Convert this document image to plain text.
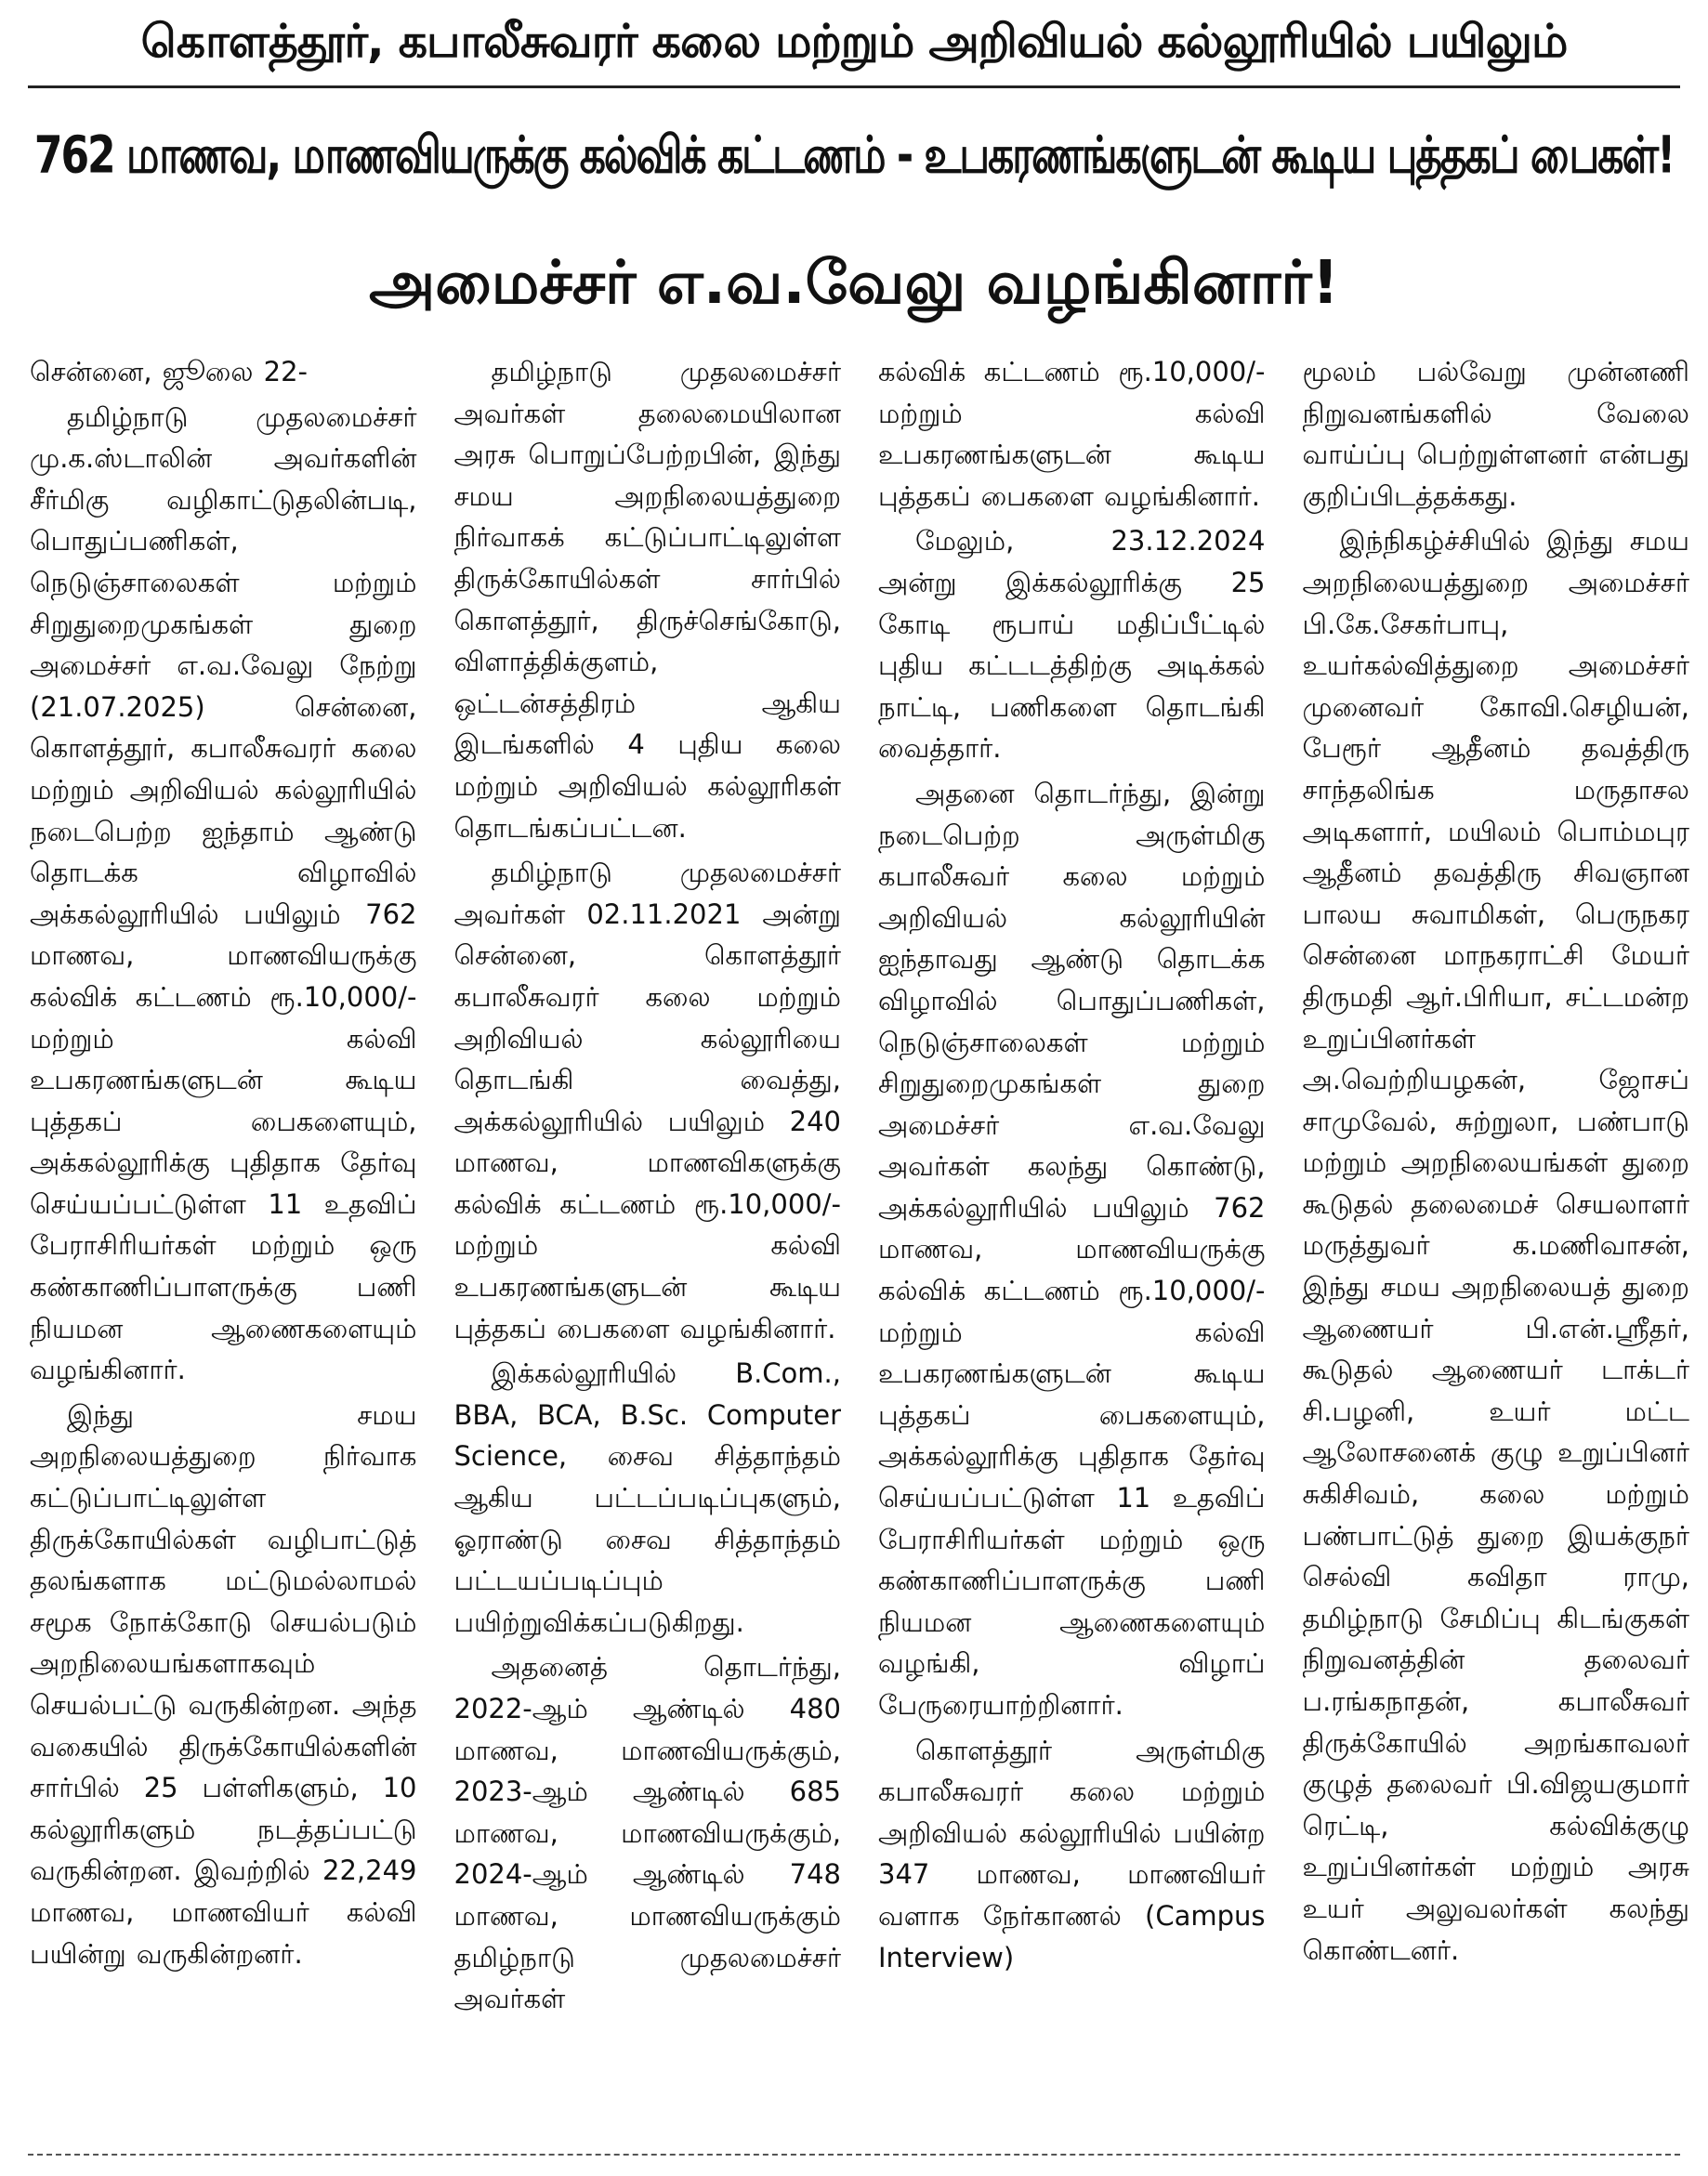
கொளத்தூர், கபாலீசுவரர் கலை மற்றும் அறிவியல் கல்லூரியில் பயிலும்
762 மாணவ, மாணவியருக்கு கல்விக் கட்டணம் - உபகரணங்களுடன் கூடிய புத்தகப் பைகள்!
அமைச்சர் எ.வ.வேலு வழங்கினார்!

சென்னை, ஜூலை 22-

தமிழ்நாடு முதலமைச்சர் மு.க.ஸ்டாலின் அவர்களின் சீர்மிகு வழிகாட்டுதலின்படி, பொதுப்பணிகள், நெடுஞ்சாலைகள் மற்றும் சிறுதுறைமுகங்கள் துறை அமைச்சர் எ.வ.வேலு நேற்று (21.07.2025) சென்னை, கொளத்தூர், கபாலீசுவரர் கலை மற்றும் அறிவியல் கல்லூரியில் நடைபெற்ற ஐந்தாம் ஆண்டு தொடக்க விழாவில் அக்கல்லூரியில் பயிலும் 762 மாணவ, மாணவியருக்கு கல்விக் கட்டணம் ரூ.10,000/- மற்றும் கல்வி உபகரணங்களுடன் கூடிய புத்தகப் பைகளையும், அக்கல்லூரிக்கு புதிதாக தேர்வு செய்யப்பட்டுள்ள 11 உதவிப் பேராசிரியர்கள் மற்றும் ஒரு கண்காணிப்பாளருக்கு பணி நியமன ஆணைகளையும் வழங்கினார்.

இந்து சமய அறநிலையத்துறை நிர்வாக கட்டுப்பாட்டிலுள்ள திருக்கோயில்கள் வழிபாட்டுத் தலங்களாக மட்டுமல்லாமல் சமூக நோக்கோடு செயல்படும் அறநிலையங்களாகவும் செயல்பட்டு வருகின்றன. அந்த வகையில் திருக்கோயில்களின் சார்பில் 25 பள்ளிகளும், 10 கல்லூரிகளும் நடத்தப்பட்டு வருகின்றன. இவற்றில் 22,249 மாணவ, மாணவியர் கல்வி பயின்று வருகின்றனர்.

தமிழ்நாடு முதலமைச்சர் அவர்கள் தலைமையிலான அரசு பொறுப்பேற்றபின், இந்து சமய அறநிலையத்துறை நிர்வாகக் கட்டுப்பாட்டிலுள்ள திருக்கோயில்கள் சார்பில் கொளத்தூர், திருச்செங்கோடு, விளாத்திக்குளம், ஒட்டன்சத்திரம் ஆகிய இடங்களில் 4 புதிய கலை மற்றும் அறிவியல் கல்லூரிகள் தொடங்கப்பட்டன.

தமிழ்நாடு முதலமைச்சர் அவர்கள் 02.11.2021 அன்று சென்னை, கொளத்தூர் கபாலீசுவரர் கலை மற்றும் அறிவியல் கல்லூரியை தொடங்கி வைத்து, அக்கல்லூரியில் பயிலும் 240 மாணவ, மாணவிகளுக்கு கல்விக் கட்டணம் ரூ.10,000/- மற்றும் கல்வி உபகரணங்களுடன் கூடிய புத்தகப் பைகளை வழங்கினார்.

இக்கல்லூரியில் B.Com., BBA, BCA, B.Sc. Computer Science, சைவ சித்தாந்தம் ஆகிய பட்டப்படிப்புகளும், ஓராண்டு சைவ சித்தாந்தம் பட்டயப்படிப்பும் பயிற்றுவிக்கப்படுகிறது.

அதனைத் தொடர்ந்து, 2022-ஆம் ஆண்டில் 480 மாணவ, மாணவியருக்கும், 2023-ஆம் ஆண்டில் 685 மாணவ, மாணவியருக்கும், 2024-ஆம் ஆண்டில் 748 மாணவ, மாணவியருக்கும் தமிழ்நாடு முதலமைச்சர் அவர்கள்

கல்விக் கட்டணம் ரூ.10,000/- மற்றும் கல்வி உபகரணங்களுடன் கூடிய புத்தகப் பைகளை வழங்கினார்.

மேலும், 23.12.2024 அன்று இக்கல்லூரிக்கு 25 கோடி ரூபாய் மதிப்பீட்டில் புதிய கட்டடத்திற்கு அடிக்கல் நாட்டி, பணிகளை தொடங்கி வைத்தார்.

அதனை தொடர்ந்து, இன்று நடைபெற்ற அருள்மிகு கபாலீசுவர் கலை மற்றும் அறிவியல் கல்லூரியின் ஐந்தாவது ஆண்டு தொடக்க விழாவில் பொதுப்பணிகள், நெடுஞ்சாலைகள் மற்றும் சிறுதுறைமுகங்கள் துறை அமைச்சர் எ.வ.வேலு அவர்கள் கலந்து கொண்டு, அக்கல்லூரியில் பயிலும் 762 மாணவ, மாணவியருக்கு கல்விக் கட்டணம் ரூ.10,000/- மற்றும் கல்வி உபகரணங்களுடன் கூடிய புத்தகப் பைகளையும், அக்கல்லூரிக்கு புதிதாக தேர்வு செய்யப்பட்டுள்ள 11 உதவிப் பேராசிரியர்கள் மற்றும் ஒரு கண்காணிப்பாளருக்கு பணி நியமன ஆணைகளையும் வழங்கி, விழாப் பேருரையாற்றினார்.

கொளத்தூர் அருள்மிகு கபாலீசுவரர் கலை மற்றும் அறிவியல் கல்லூரியில் பயின்ற 347 மாணவ, மாணவியர் வளாக நேர்காணல் (Campus Interview)

மூலம் பல்வேறு முன்னணி நிறுவனங்களில் வேலை வாய்ப்பு பெற்றுள்ளனர் என்பது குறிப்பிடத்தக்கது.

இந்நிகழ்ச்சியில் இந்து சமய அறநிலையத்துறை அமைச்சர் பி.கே.சேகர்பாபு, உயர்கல்வித்துறை அமைச்சர் முனைவர் கோவி.செழியன், பேரூர் ஆதீனம் தவத்திரு சாந்தலிங்க மருதாசல அடிகளார், மயிலம் பொம்மபுர ஆதீனம் தவத்திரு சிவஞான பாலய சுவாமிகள், பெருநகர சென்னை மாநகராட்சி மேயர் திருமதி ஆர்.பிரியா, சட்டமன்ற உறுப்பினர்கள் அ.வெற்றியழகன், ஜோசப் சாமுவேல், சுற்றுலா, பண்பாடு மற்றும் அறநிலையங்கள் துறை கூடுதல் தலைமைச் செயலாளர் மருத்துவர் க.மணிவாசன், இந்து சமய அறநிலையத் துறை ஆணையர் பி.என்.ஸ்ரீதர், கூடுதல் ஆணையர் டாக்டர் சி.பழனி, உயர் மட்ட ஆலோசனைக் குழு உறுப்பினர் சுகிசிவம், கலை மற்றும் பண்பாட்டுத் துறை இயக்குநர் செல்வி கவிதா ராமு, தமிழ்நாடு சேமிப்பு கிடங்குகள் நிறுவனத்தின் தலைவர் ப.ரங்கநாதன், கபாலீசுவர் திருக்கோயில் அறங்காவலர் குழுத் தலைவர் பி.விஜயகுமார் ரெட்டி, கல்விக்குழு உறுப்பினர்கள் மற்றும் அரசு உயர் அலுவலர்கள் கலந்து கொண்டனர்.
